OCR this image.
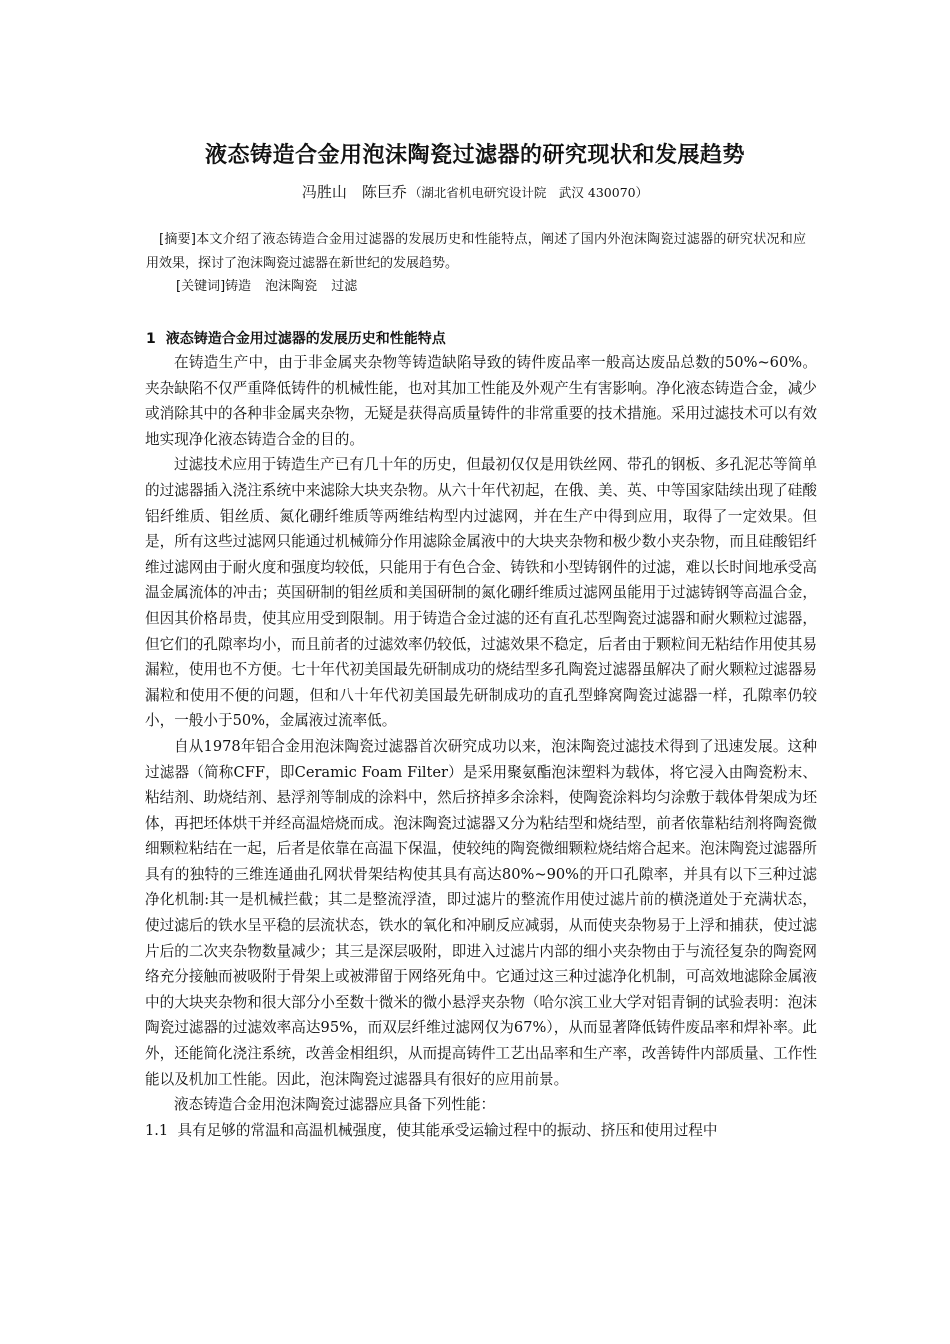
液态铸造合金用泡沫陶瓷过滤器的研究现状和发展趋势
冯胜山　陈巨乔 （湖北省机电研究设计院　武汉 430070）
[摘要]本文介绍了液态铸造合金用过滤器的发展历史和性能特点，阐述了国内外泡沫陶瓷过滤器的研究状况和应用效果，探讨了泡沫陶瓷过滤器在新世纪的发展趋势。
[关键词]铸造 泡沫陶瓷 过滤
1 液态铸造合金用过滤器的发展历史和性能特点

在铸造生产中，由于非金属夹杂物等铸造缺陷导致的铸件废品率一般高达废品总数的50%~60%。夹杂缺陷不仅严重降低铸件的机械性能，也对其加工性能及外观产生有害影响。净化液态铸造合金，减少或消除其中的各种非金属夹杂物，无疑是获得高质量铸件的非常重要的技术措施。采用过滤技术可以有效地实现净化液态铸造合金的目的。

过滤技术应用于铸造生产已有几十年的历史，但最初仅仅是用铁丝网、带孔的钢板、多孔泥芯等简单的过滤器插入浇注系统中来滤除大块夹杂物。从六十年代初起，在俄、美、英、中等国家陆续出现了硅酸铝纤维质、钼丝质、氮化硼纤维质等两维结构型内过滤网，并在生产中得到应用，取得了一定效果。但是，所有这些过滤网只能通过机械筛分作用滤除金属液中的大块夹杂物和极少数小夹杂物，而且硅酸铝纤维过滤网由于耐火度和强度均较低，只能用于有色合金、铸铁和小型铸钢件的过滤，难以长时间地承受高温金属流体的冲击；英国研制的钼丝质和美国研制的氮化硼纤维质过滤网虽能用于过滤铸钢等高温合金，但因其价格昂贵，使其应用受到限制。用于铸造合金过滤的还有直孔芯型陶瓷过滤器和耐火颗粒过滤器，但它们的孔隙率均小，而且前者的过滤效率仍较低，过滤效果不稳定，后者由于颗粒间无粘结作用使其易漏粒，使用也不方便。七十年代初美国最先研制成功的烧结型多孔陶瓷过滤器虽解决了耐火颗粒过滤器易漏粒和使用不便的问题，但和八十年代初美国最先研制成功的直孔型蜂窝陶瓷过滤器一样，孔隙率仍较小，一般小于50%，金属液过流率低。

自从1978年铝合金用泡沫陶瓷过滤器首次研究成功以来，泡沫陶瓷过滤技术得到了迅速发展。这种过滤器（简称CFF，即Ceramic Foam Filter）是采用聚氨酯泡沫塑料为载体，将它浸入由陶瓷粉末、粘结剂、助烧结剂、悬浮剂等制成的涂料中，然后挤掉多余涂料，使陶瓷涂料均匀涂敷于载体骨架成为坯体，再把坯体烘干并经高温焙烧而成。泡沫陶瓷过滤器又分为粘结型和烧结型，前者依靠粘结剂将陶瓷微细颗粒粘结在一起，后者是依靠在高温下保温，使较纯的陶瓷微细颗粒烧结熔合起来。泡沫陶瓷过滤器所具有的独特的三维连通曲孔网状骨架结构使其具有高达80%~90%的开口孔隙率，并具有以下三种过滤净化机制:其一是机械拦截；其二是整流浮渣，即过滤片的整流作用使过滤片前的横浇道处于充满状态，使过滤后的铁水呈平稳的层流状态，铁水的氧化和冲刷反应减弱，从而使夹杂物易于上浮和捕获，使过滤片后的二次夹杂物数量减少；其三是深层吸附，即进入过滤片内部的细小夹杂物由于与流径复杂的陶瓷网络充分接触而被吸附于骨架上或被滞留于网络死角中。它通过这三种过滤净化机制，可高效地滤除金属液中的大块夹杂物和很大部分小至数十微米的微小悬浮夹杂物（哈尔滨工业大学对铝青铜的试验表明：泡沫陶瓷过滤器的过滤效率高达95%，而双层纤维过滤网仅为67%），从而显著降低铸件废品率和焊补率。此外，还能简化浇注系统，改善金相组织，从而提高铸件工艺出品率和生产率，改善铸件内部质量、工作性能以及机加工性能。因此，泡沫陶瓷过滤器具有很好的应用前景。

液态铸造合金用泡沫陶瓷过滤器应具备下列性能：

1.1 具有足够的常温和高温机械强度，使其能承受运输过程中的振动、挤压和使用过程中
